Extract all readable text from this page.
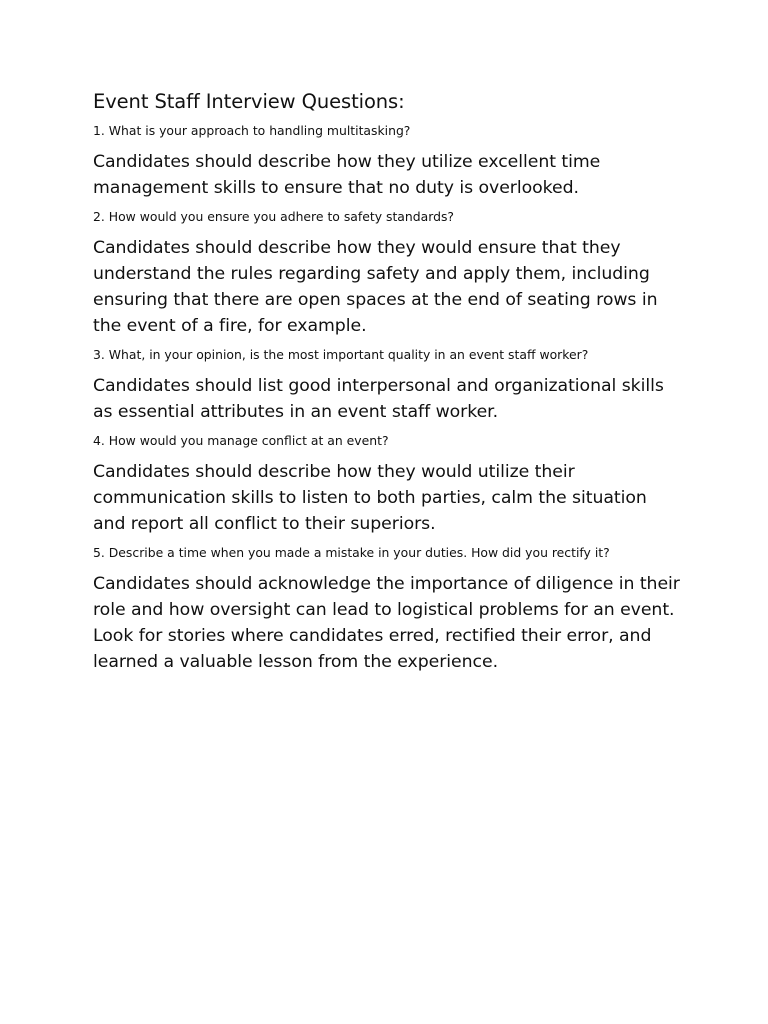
Event Staff Interview Questions:

1. What is your approach to handling multitasking?

Candidates should describe how they utilize excellent time management skills to ensure that no duty is overlooked.

2. How would you ensure you adhere to safety standards?

Candidates should describe how they would ensure that they understand the rules regarding safety and apply them, including ensuring that there are open spaces at the end of seating rows in the event of a fire, for example.

3. What, in your opinion, is the most important quality in an event staff worker?

Candidates should list good interpersonal and organizational skills as essential attributes in an event staff worker.

4. How would you manage conflict at an event?

Candidates should describe how they would utilize their communication skills to listen to both parties, calm the situation and report all conflict to their superiors.

5. Describe a time when you made a mistake in your duties. How did you rectify it?

Candidates should acknowledge the importance of diligence in their role and how oversight can lead to logistical problems for an event. Look for stories where candidates erred, rectified their error, and learned a valuable lesson from the experience.
